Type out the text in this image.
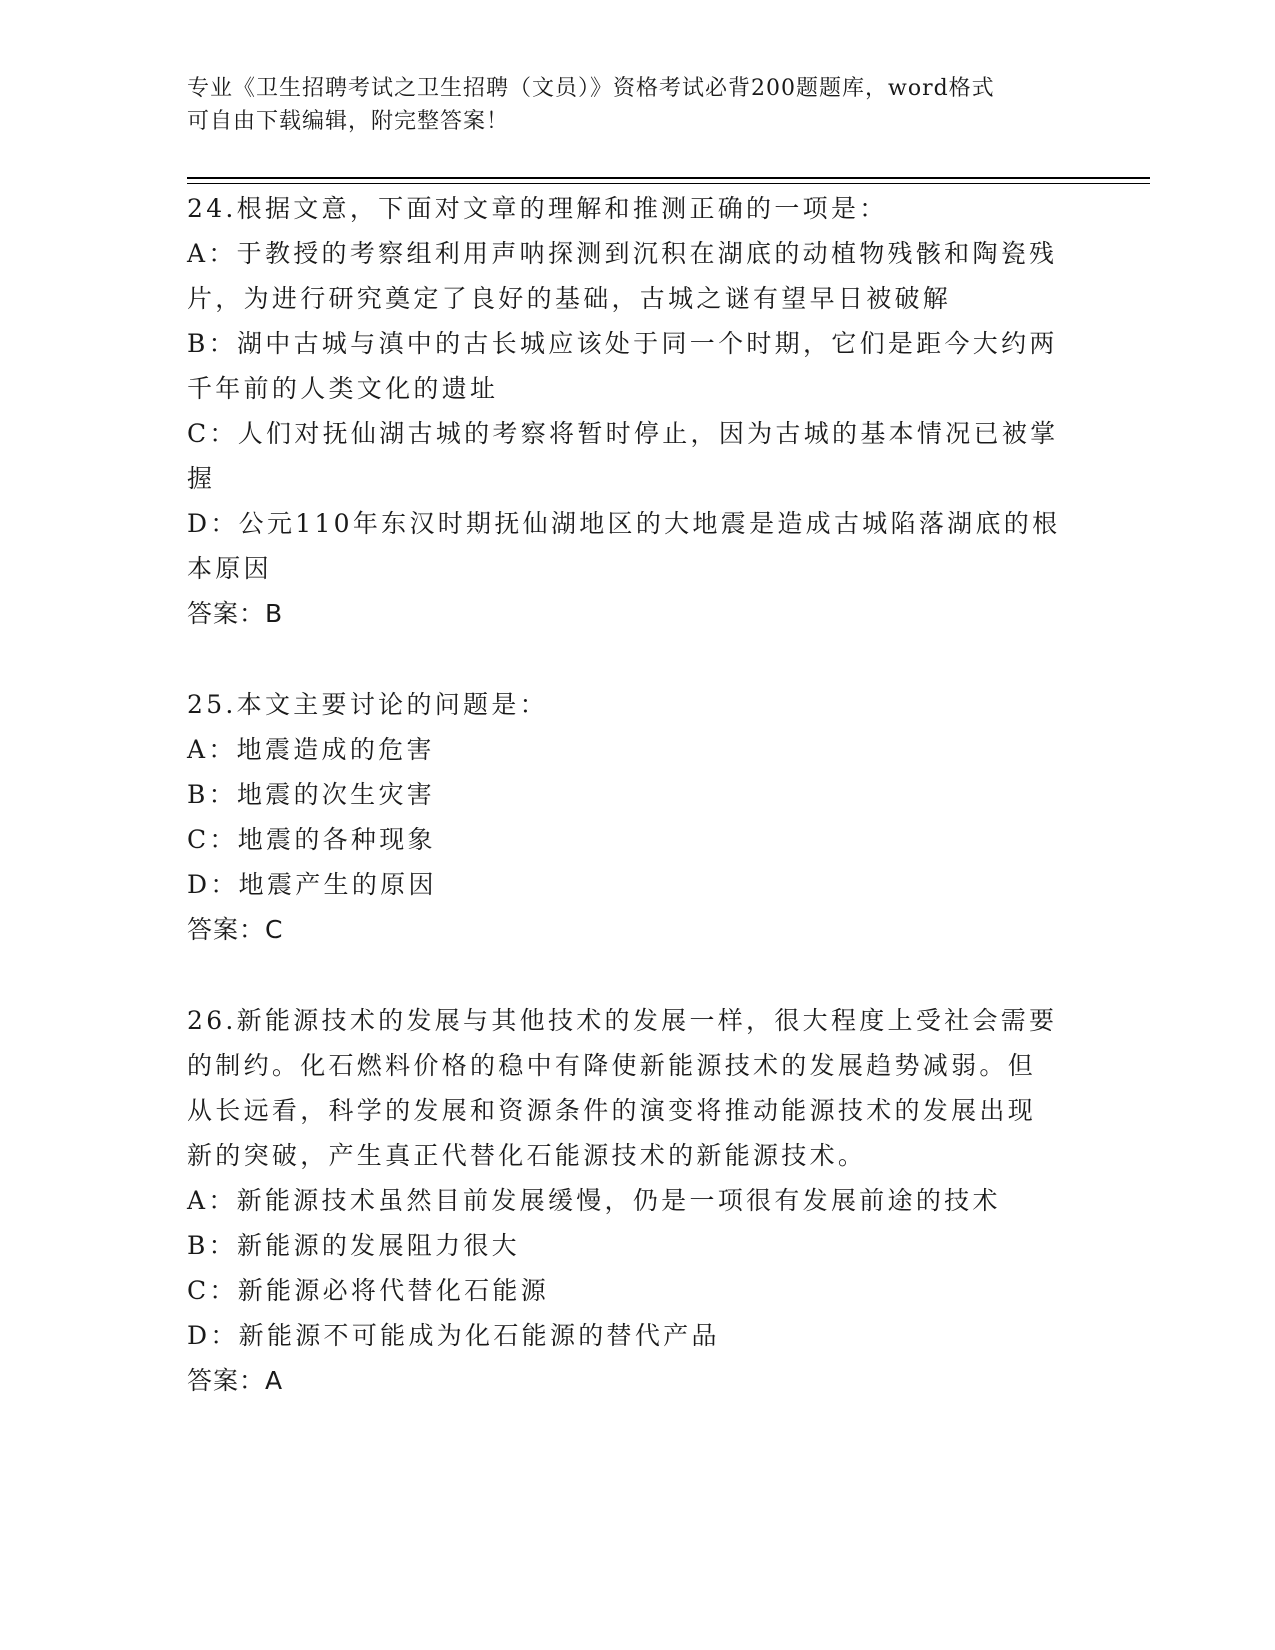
专业《卫生招聘考试之卫生招聘（文员）》资格考试必背200题题库，word格式
可自由下载编辑，附完整答案！
24.根据文意，下面对文章的理解和推测正确的一项是：
A：于教授的考察组利用声呐探测到沉积在湖底的动植物残骸和陶瓷残
片，为进行研究奠定了良好的基础，古城之谜有望早日被破解
B：湖中古城与滇中的古长城应该处于同一个时期，它们是距今大约两
千年前的人类文化的遗址
C：人们对抚仙湖古城的考察将暂时停止，因为古城的基本情况已被掌
握
D：公元110年东汉时期抚仙湖地区的大地震是造成古城陷落湖底的根
本原因
答案：B
25.本文主要讨论的问题是：
A：地震造成的危害
B：地震的次生灾害
C：地震的各种现象
D：地震产生的原因
答案：C
26.新能源技术的发展与其他技术的发展一样，很大程度上受社会需要
的制约。化石燃料价格的稳中有降使新能源技术的发展趋势减弱。但
从长远看，科学的发展和资源条件的演变将推动能源技术的发展出现
新的突破，产生真正代替化石能源技术的新能源技术。
A：新能源技术虽然目前发展缓慢，仍是一项很有发展前途的技术
B：新能源的发展阻力很大
C：新能源必将代替化石能源
D：新能源不可能成为化石能源的替代产品
答案：A
